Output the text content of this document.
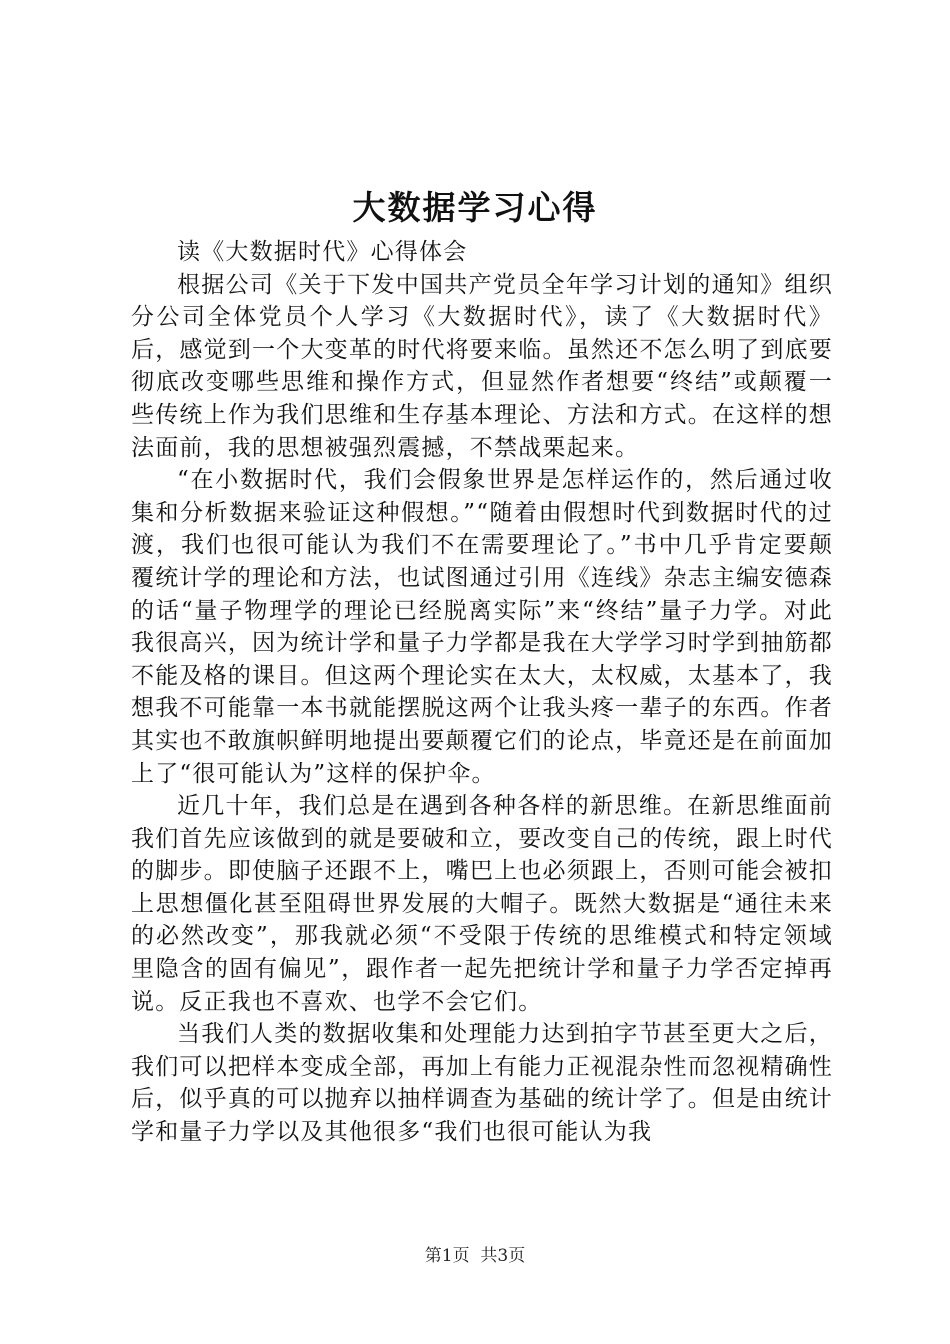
大数据学习心得

读《大数据时代》心得体会

根据公司《关于下发中国共产党员全年学习计划的通知》组织分公司全体党员个人学习《大数据时代》，读了《大数据时代》后，感觉到一个大变革的时代将要来临。虽然还不怎么明了到底要彻底改变哪些思维和操作方式，但显然作者想要“终结”或颠覆一些传统上作为我们思维和生存基本理论、方法和方式。在这样的想法面前，我的思想被强烈震撼，不禁战栗起来。

“在小数据时代，我们会假象世界是怎样运作的，然后通过收集和分析数据来验证这种假想。”“随着由假想时代到数据时代的过渡，我们也很可能认为我们不在需要理论了。”书中几乎肯定要颠覆统计学的理论和方法，也试图通过引用《连线》杂志主编安德森的话“量子物理学的理论已经脱离实际”来“终结”量子力学。对此我很高兴，因为统计学和量子力学都是我在大学学习时学到抽筋都不能及格的课目。但这两个理论实在太大，太权威，太基本了，我想我不可能靠一本书就能摆脱这两个让我头疼一辈子的东西。作者其实也不敢旗帜鲜明地提出要颠覆它们的论点，毕竟还是在前面加上了“很可能认为”这样的保护伞。

近几十年，我们总是在遇到各种各样的新思维。在新思维面前我们首先应该做到的就是要破和立，要改变自己的传统，跟上时代的脚步。即使脑子还跟不上，嘴巴上也必须跟上，否则可能会被扣上思想僵化甚至阻碍世界发展的大帽子。既然大数据是“通往未来的必然改变”，那我就必须“不受限于传统的思维模式和特定领域里隐含的固有偏见”，跟作者一起先把统计学和量子力学否定掉再说。反正我也不喜欢、也学不会它们。

当我们人类的数据收集和处理能力达到拍字节甚至更大之后，我们可以把样本变成全部，再加上有能力正视混杂性而忽视精确性后，似乎真的可以抛弃以抽样调查为基础的统计学了。但是由统计学和量子力学以及其他很多“我们也很可能认为我

第1页  共3页
